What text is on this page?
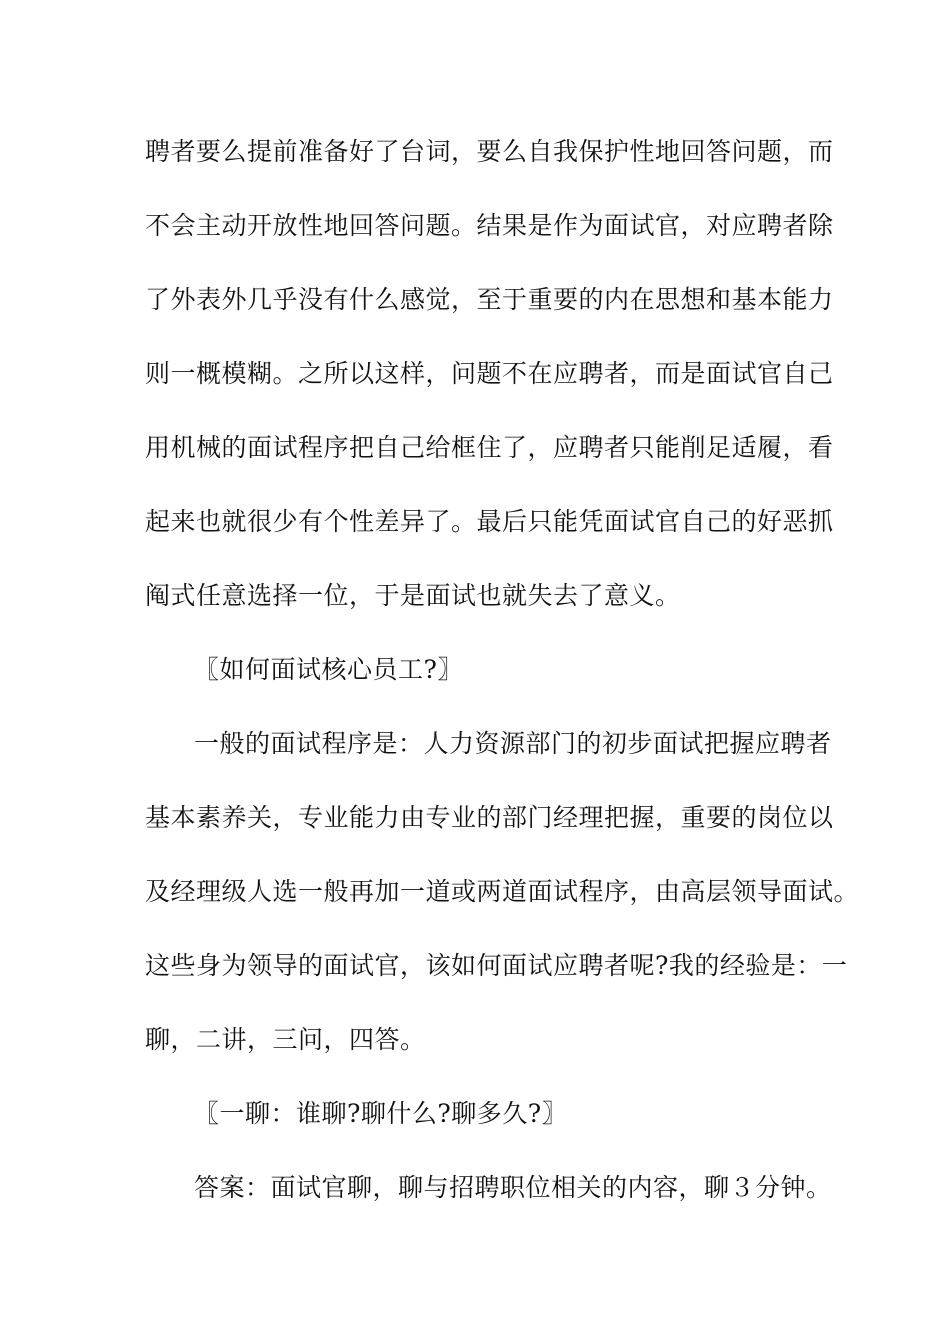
聘者要么提前准备好了台词，要么自我保护性地回答问题，而
不会主动开放性地回答问题。结果是作为面试官，对应聘者除
了外表外几乎没有什么感觉，至于重要的内在思想和基本能力
则一概模糊。之所以这样，问题不在应聘者，而是面试官自己
用机械的面试程序把自己给框住了，应聘者只能削足适履，看
起来也就很少有个性差异了。最后只能凭面试官自己的好恶抓
阄式任意选择一位，于是面试也就失去了意义。
〖如何面试核心员工?〗
一般的面试程序是：人力资源部门的初步面试把握应聘者
基本素养关，专业能力由专业的部门经理把握，重要的岗位以
及经理级人选一般再加一道或两道面试程序，由高层领导面试。
这些身为领导的面试官，该如何面试应聘者呢?我的经验是：一
聊，二讲，三问，四答。
〖一聊：谁聊?聊什么?聊多久?〗
答案：面试官聊，聊与招聘职位相关的内容，聊３分钟。
